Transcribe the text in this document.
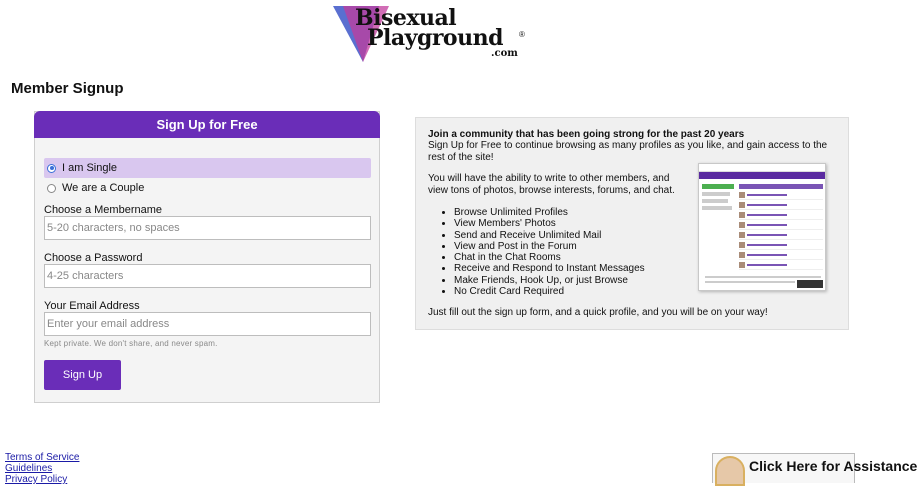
Bisexual
Playground ®
.com
Member Signup
Sign Up for Free
I am Single
We are a Couple
Choose a Membername
5-20 characters, no spaces
Choose a Password
4-25 characters
Your Email Address
Enter your email address
Kept private. We don't share, and never spam.
Sign Up
Join a community that has been going strong for the past 20 years
Sign Up for Free to continue browsing as many profiles as you like, and gain access to the rest of the site!
You will have the ability to write to other members, and view tons of photos, browse interests, forums, and chat.
• Browse Unlimited Profiles
• View Members' Photos
• Send and Receive Unlimited Mail
• View and Post in the Forum
• Chat in the Chat Rooms
• Receive and Respond to Instant Messages
• Make Friends, Hook Up, or just Browse
• No Credit Card Required
Just fill out the sign up form, and a quick profile, and you will be on your way!
Terms of Service
Guidelines
Privacy Policy
Click Here for Assistance
